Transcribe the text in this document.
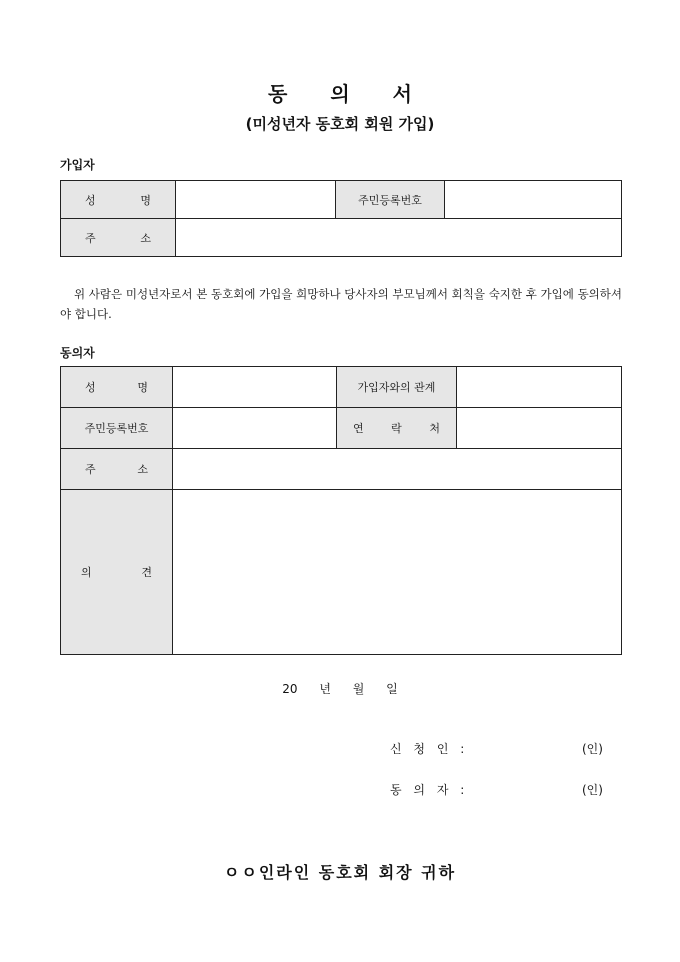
동 의 서
(미성년자 동호회 회원 가입)
가입자
성 명		주민등록번호	

주 소			

위 사람은 미성년자로서 본 동호회에 가입을 희망하나 당사자의 부모님께서 회칙을 숙지한 후 가입에 동의하셔야 합니다.
동의자
성 명		가입자와의 관계	
주민등록번호		연 락 처	

주 소			

의 견			

20 년 월 일
신 청 인 :	(인)
동 의 자 :	(인)
ㅇㅇ인라인 동호회 회장 귀하
